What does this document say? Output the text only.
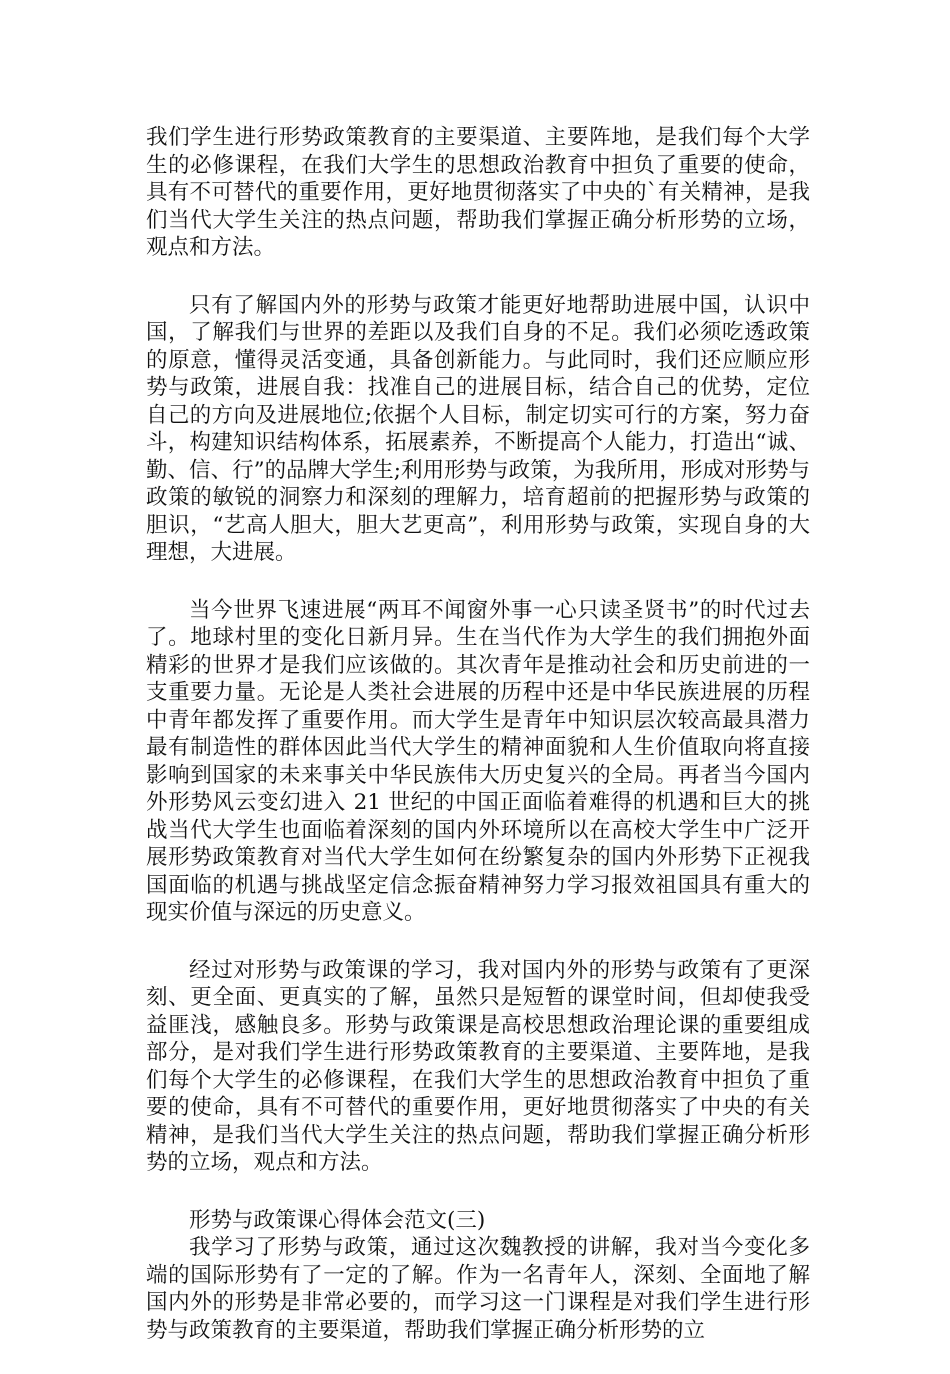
我们学生进行形势政策教育的主要渠道、主要阵地，是我们每个大学生的必修课程，在我们大学生的思想政治教育中担负了重要的使命，具有不可替代的重要作用，更好地贯彻落实了中央的`有关精神，是我们当代大学生关注的热点问题，帮助我们掌握正确分析形势的立场，观点和方法。

只有了解国内外的形势与政策才能更好地帮助进展中国，认识中国，了解我们与世界的差距以及我们自身的不足。我们必须吃透政策的原意，懂得灵活变通，具备创新能力。与此同时，我们还应顺应形势与政策，进展自我：找准自己的进展目标，结合自己的优势，定位自己的方向及进展地位;依据个人目标，制定切实可行的方案，努力奋斗，构建知识结构体系，拓展素养，不断提高个人能力，打造出“诚、勤、信、行”的品牌大学生;利用形势与政策，为我所用，形成对形势与政策的敏锐的洞察力和深刻的理解力，培育超前的把握形势与政策的胆识，“艺高人胆大，胆大艺更高”，利用形势与政策，实现自身的大理想，大进展。

当今世界飞速进展“两耳不闻窗外事一心只读圣贤书”的时代过去了。地球村里的变化日新月异。生在当代作为大学生的我们拥抱外面精彩的世界才是我们应该做的。其次青年是推动社会和历史前进的一支重要力量。无论是人类社会进展的历程中还是中华民族进展的历程中青年都发挥了重要作用。而大学生是青年中知识层次较高最具潜力最有制造性的群体因此当代大学生的精神面貌和人生价值取向将直接影响到国家的未来事关中华民族伟大历史复兴的全局。再者当今国内外形势风云变幻进入 21 世纪的中国正面临着难得的机遇和巨大的挑战当代大学生也面临着深刻的国内外环境所以在高校大学生中广泛开展形势政策教育对当代大学生如何在纷繁复杂的国内外形势下正视我国面临的机遇与挑战坚定信念振奋精神努力学习报效祖国具有重大的现实价值与深远的历史意义。

经过对形势与政策课的学习，我对国内外的形势与政策有了更深刻、更全面、更真实的了解，虽然只是短暂的课堂时间，但却使我受益匪浅，感触良多。形势与政策课是高校思想政治理论课的重要组成部分，是对我们学生进行形势政策教育的主要渠道、主要阵地，是我们每个大学生的必修课程，在我们大学生的思想政治教育中担负了重要的使命，具有不可替代的重要作用，更好地贯彻落实了中央的有关精神，是我们当代大学生关注的热点问题，帮助我们掌握正确分析形势的立场，观点和方法。

形势与政策课心得体会范文(三)

我学习了形势与政策，通过这次魏教授的讲解，我对当今变化多端的国际形势有了一定的了解。作为一名青年人，深刻、全面地了解国内外的形势是非常必要的，而学习这一门课程是对我们学生进行形势与政策教育的主要渠道，帮助我们掌握正确分析形势的立
